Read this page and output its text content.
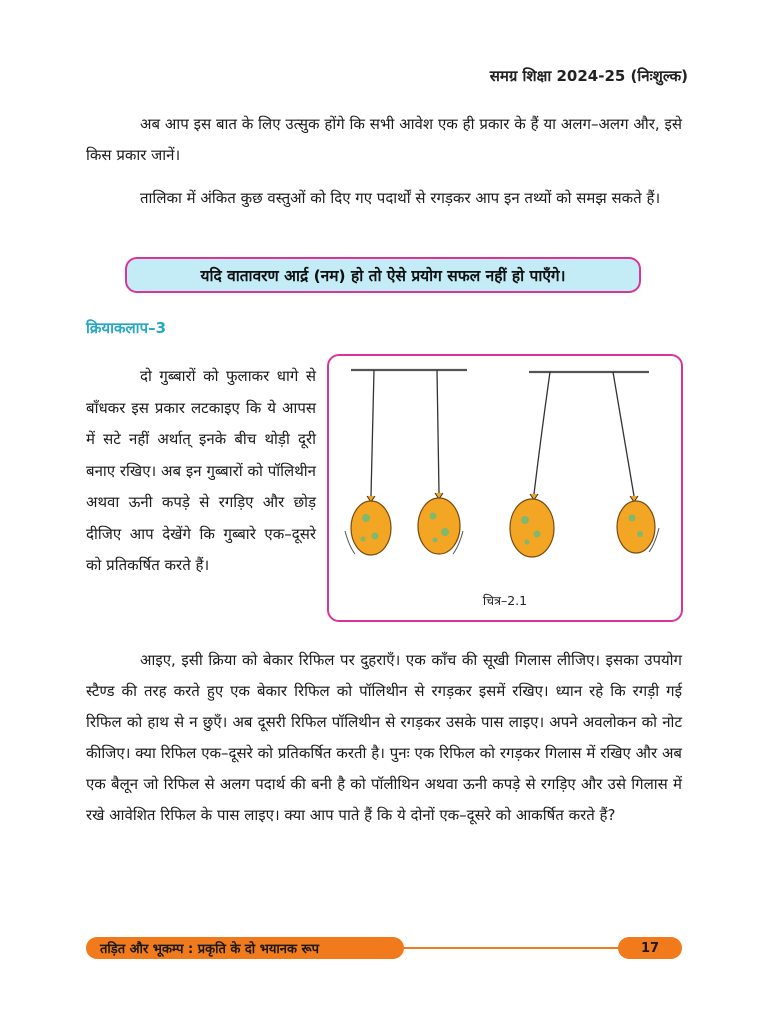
समग्र शिक्षा 2024-25 (निःशुल्क)

अब आप इस बात के लिए उत्सुक होंगे कि सभी आवेश एक ही प्रकार के हैं या अलग–अलग और, इसे किस प्रकार जानें।

तालिका में अंकित कुछ वस्तुओं को दिए गए पदार्थों से रगड़कर आप इन तथ्यों को समझ सकते हैं।

यदि वातावरण आर्द्र (नम) हो तो ऐसे प्रयोग सफल नहीं हो पाएँगे।
क्रियाकलाप–3

दो गुब्बारों को फुलाकर धागे से बाँधकर इस प्रकार लटकाइए कि ये आपस में सटे नहीं अर्थात् इनके बीच थोड़ी दूरी बनाए रखिए। अब इन गुब्बारों को पॉलिथीन अथवा ऊनी कपड़े से रगड़िए और छोड़ दीजिए आप देखेंगे कि गुब्बारे एक–दूसरे को प्रतिकर्षित करते हैं।

चित्र–2.1

आइए, इसी क्रिया को बेकार रिफिल पर दुहराएँ। एक काँच की सूखी गिलास लीजिए। इसका उपयोग स्टैण्ड की तरह करते हुए एक बेकार रिफिल को पॉलिथीन से रगड़कर इसमें रखिए। ध्यान रहे कि रगड़ी गई रिफिल को हाथ से न छुएँ। अब दूसरी रिफिल पॉलिथीन से रगड़कर उसके पास लाइए। अपने अवलोकन को नोट कीजिए। क्या रिफिल एक–दूसरे को प्रतिकर्षित करती है। पुनः एक रिफिल को रगड़कर गिलास में रखिए और अब एक बैलून जो रिफिल से अलग पदार्थ की बनी है को पॉलीथिन अथवा ऊनी कपड़े से रगड़िए और उसे गिलास में रखे आवेशित रिफिल के पास लाइए। क्या आप पाते हैं कि ये दोनों एक–दूसरे को आकर्षित करते हैं?

तड़ित और भूकम्प : प्रकृति के दो भयानक रूप	17
